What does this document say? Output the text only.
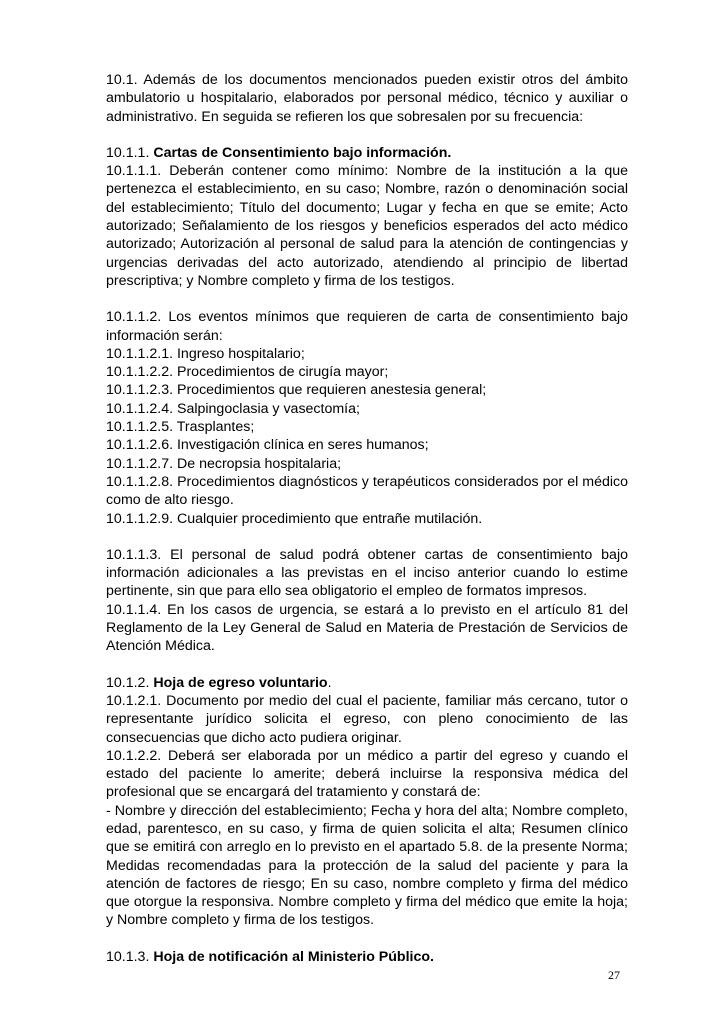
10.1. Además de los documentos mencionados pueden existir otros del ámbito ambulatorio u hospitalario, elaborados por personal médico, técnico y auxiliar o administrativo. En seguida se refieren los que sobresalen por su frecuencia:

10.1.1. Cartas de Consentimiento bajo información.

10.1.1.1. Deberán contener como mínimo: Nombre de la institución a la que pertenezca el establecimiento, en su caso; Nombre, razón o denominación social del establecimiento; Título del documento; Lugar y fecha en que se emite; Acto autorizado; Señalamiento de los riesgos y beneficios esperados del acto médico autorizado; Autorización al personal de salud para la atención de contingencias y urgencias derivadas del acto autorizado, atendiendo al principio de libertad prescriptiva; y Nombre completo y firma de los testigos.

10.1.1.2. Los eventos mínimos que requieren de carta de consentimiento bajo información serán:

10.1.1.2.1. Ingreso hospitalario;

10.1.1.2.2. Procedimientos de cirugía mayor;

10.1.1.2.3. Procedimientos que requieren anestesia general;

10.1.1.2.4. Salpingoclasia y vasectomía;

10.1.1.2.5. Trasplantes;

10.1.1.2.6. Investigación clínica en seres humanos;

10.1.1.2.7. De necropsia hospitalaria;

10.1.1.2.8. Procedimientos diagnósticos y terapéuticos considerados por el médico como de alto riesgo.

10.1.1.2.9. Cualquier procedimiento que entrañe mutilación.

10.1.1.3. El personal de salud podrá obtener cartas de consentimiento bajo información adicionales a las previstas en el inciso anterior cuando lo estime pertinente, sin que para ello sea obligatorio el empleo de formatos impresos.

10.1.1.4. En los casos de urgencia, se estará a lo previsto en el artículo 81 del Reglamento de la Ley General de Salud en Materia de Prestación de Servicios de Atención Médica.

10.1.2. Hoja de egreso voluntario.

10.1.2.1. Documento por medio del cual el paciente, familiar más cercano, tutor o representante jurídico solicita el egreso, con pleno conocimiento de las consecuencias que dicho acto pudiera originar.

10.1.2.2. Deberá ser elaborada por un médico a partir del egreso y cuando el estado del paciente lo amerite; deberá incluirse la responsiva médica del profesional que se encargará del tratamiento y constará de:

- Nombre y dirección del establecimiento; Fecha y hora del alta; Nombre completo, edad, parentesco, en su caso, y firma de quien solicita el alta; Resumen clínico que se emitirá con arreglo en lo previsto en el apartado 5.8. de la presente Norma; Medidas recomendadas para la protección de la salud del paciente y para la atención de factores de riesgo; En su caso, nombre completo y firma del médico que otorgue la responsiva. Nombre completo y firma del médico que emite la hoja; y Nombre completo y firma de los testigos.

10.1.3. Hoja de notificación al Ministerio Público.

27
